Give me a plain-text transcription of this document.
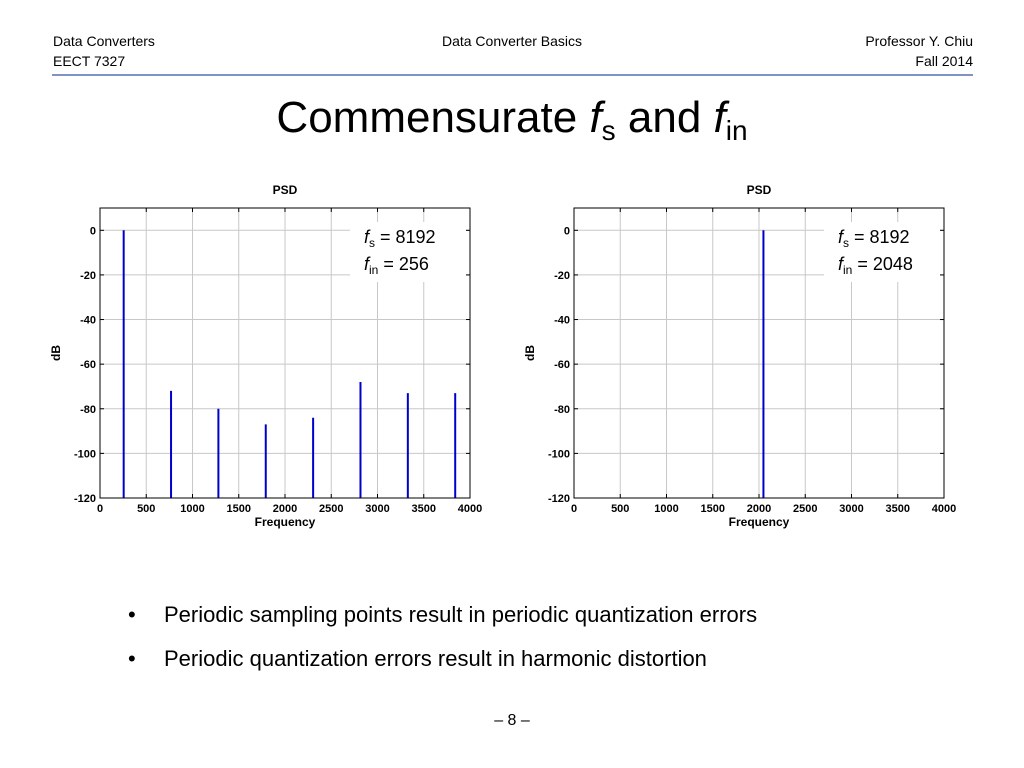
Data Converters
EECT 7327
Data Converter Basics	Professor Y. Chiu
Fall 2014
Commensurate $f_s$ and $f_{in}$
0	500 1000 1500 2000 2500 3000 3500 4000
0
-20
-40
-60
-80
-100
-120
PSD
Frequency
dB
$f_s = 8192$
$f_{in} = 256$
0	500 1000 1500 2000 2500 3000 3500 4000
0
-20
-40
-60
-80
-100
-120
PSD
Frequency
dB
$f_s = 8192$
$f_{in} = 2048$
• Periodic sampling points result in periodic quantization errors
• Periodic quantization errors result in harmonic distortion
– 8 –
